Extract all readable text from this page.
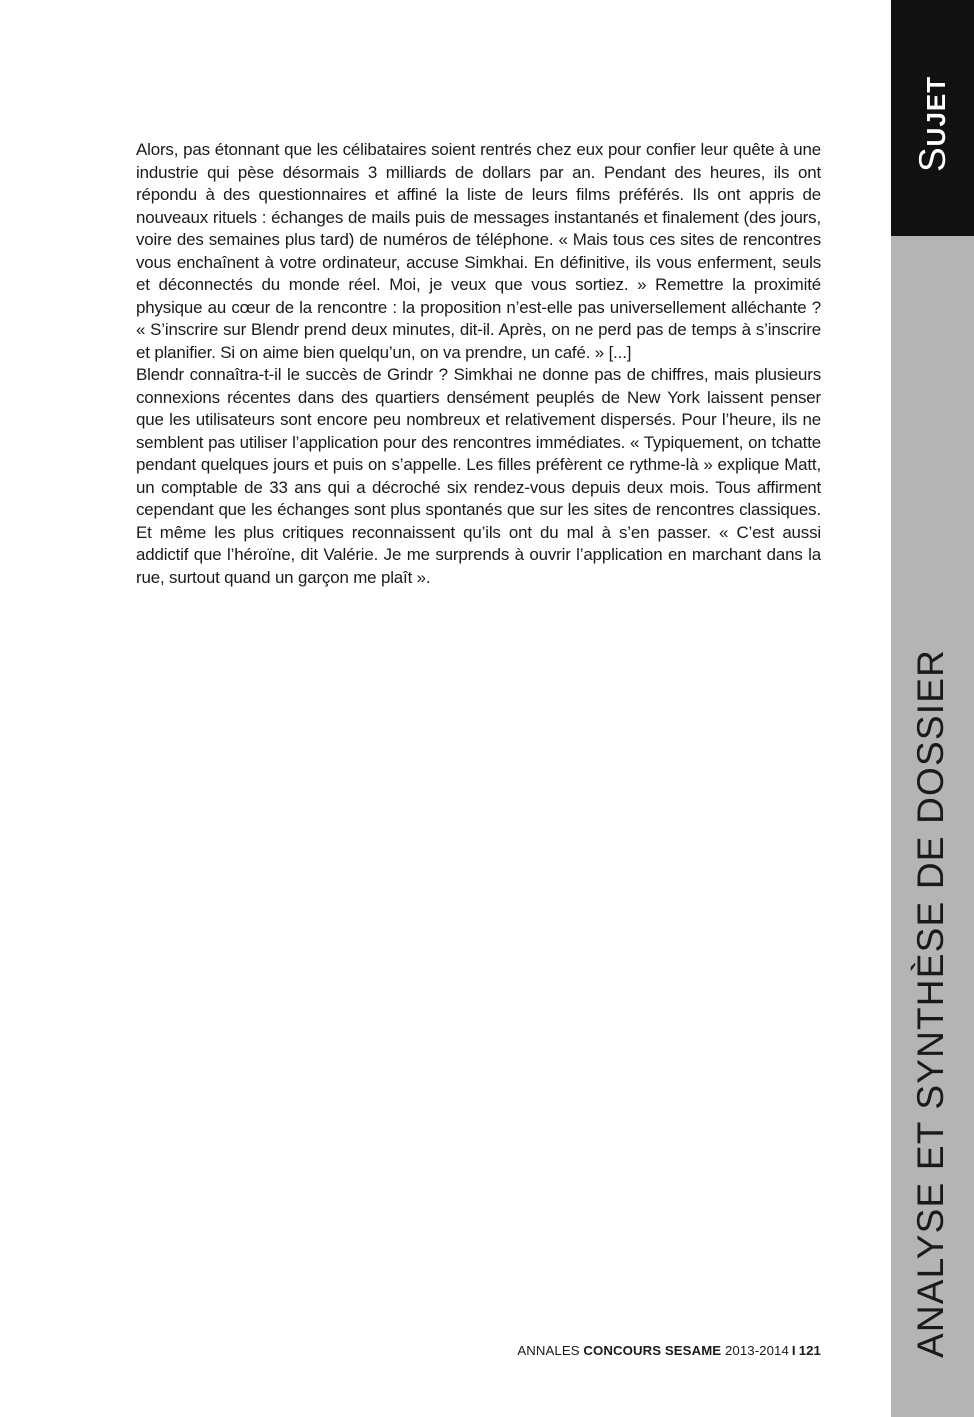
Alors, pas étonnant que les célibataires soient rentrés chez eux pour confier leur quête à une industrie qui pèse désormais 3 milliards de dollars par an. Pendant des heures, ils ont répondu à des questionnaires et affiné la liste de leurs films préférés. Ils ont appris de nouveaux rituels : échanges de mails puis de messages instantanés et finalement (des jours, voire des semaines plus tard) de numéros de téléphone. « Mais tous ces sites de rencontres vous enchaînent à votre ordinateur, accuse Simkhai. En définitive, ils vous enferment, seuls et déconnectés du monde réel. Moi, je veux que vous sortiez. » Remettre la proximité physique au cœur de la rencontre : la proposition n’est-elle pas universellement alléchante ? « S’inscrire sur Blendr prend deux minutes, dit-il. Après, on ne perd pas de temps à s’inscrire et planifier. Si on aime bien quelqu’un, on va prendre, un café. » [...]

Blendr connaîtra-t-il le succès de Grindr ? Simkhai ne donne pas de chiffres, mais plusieurs connexions récentes dans des quartiers densément peuplés de New York laissent penser que les utilisateurs sont encore peu nombreux et relativement dispersés. Pour l’heure, ils ne semblent pas utiliser l’application pour des rencontres immédiates. « Typiquement, on tchatte pendant quelques jours et puis on s’appelle. Les filles préfèrent ce rythme-là » explique Matt, un comptable de 33 ans qui a décroché six rendez-vous depuis deux mois. Tous affirment cependant que les échanges sont plus spontanés que sur les sites de rencontres classiques. Et même les plus critiques reconnaissent qu’ils ont du mal à s’en passer. « C’est aussi addictif que l’héroïne, dit Valérie. Je me surprends à ouvrir l’application en marchant dans la rue, surtout quand un garçon me plaît ».

ANNALES CONCOURS SESAME 2013-2014 I 121
SUJET
ANALYSE ET SYNTHÈSE DE DOSSIER
